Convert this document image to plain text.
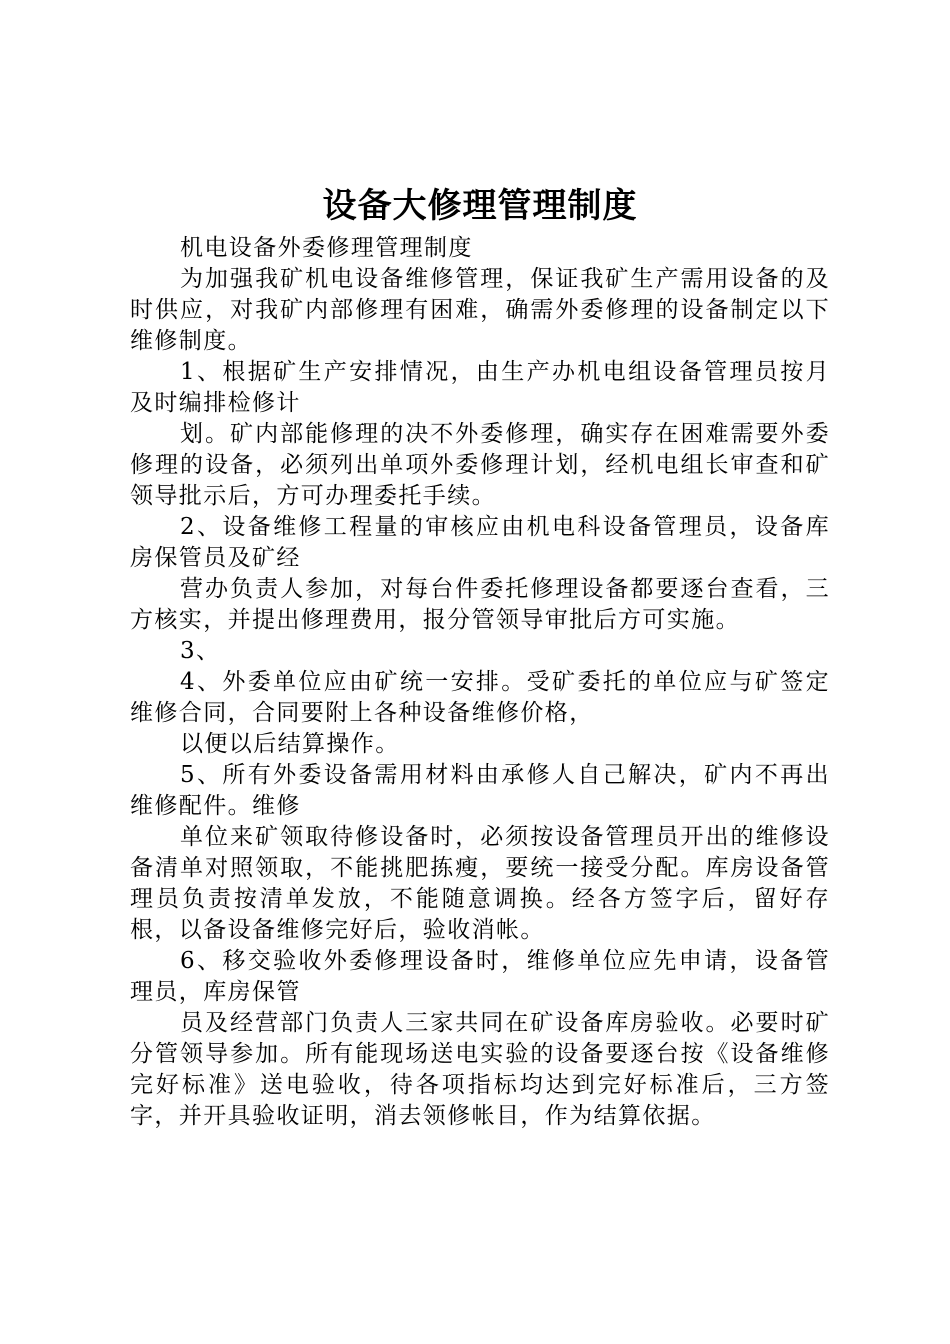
设备大修理管理制度

机电设备外委修理管理制度

为加强我矿机电设备维修管理，保证我矿生产需用设备的及时供应，对我矿内部修理有困难，确需外委修理的设备制定以下维修制度。

1、根据矿生产安排情况，由生产办机电组设备管理员按月及时编排检修计

划。矿内部能修理的决不外委修理，确实存在困难需要外委修理的设备，必须列出单项外委修理计划，经机电组长审查和矿领导批示后，方可办理委托手续。

2、设备维修工程量的审核应由机电科设备管理员，设备库房保管员及矿经

营办负责人参加，对每台件委托修理设备都要逐台查看，三方核实，并提出修理费用，报分管领导审批后方可实施。

3、

4、外委单位应由矿统一安排。受矿委托的单位应与矿签定维修合同，合同要附上各种设备维修价格，

以便以后结算操作。

5、所有外委设备需用材料由承修人自己解决，矿内不再出维修配件。维修

单位来矿领取待修设备时，必须按设备管理员开出的维修设备清单对照领取，不能挑肥拣瘦，要统一接受分配。库房设备管理员负责按清单发放，不能随意调换。经各方签字后，留好存根，以备设备维修完好后，验收消帐。

6、移交验收外委修理设备时，维修单位应先申请，设备管理员，库房保管

员及经营部门负责人三家共同在矿设备库房验收。必要时矿分管领导参加。所有能现场送电实验的设备要逐台按《设备维修完好标准》送电验收，待各项指标均达到完好标准后，三方签字，并开具验收证明，消去领修帐目，作为结算依据。
